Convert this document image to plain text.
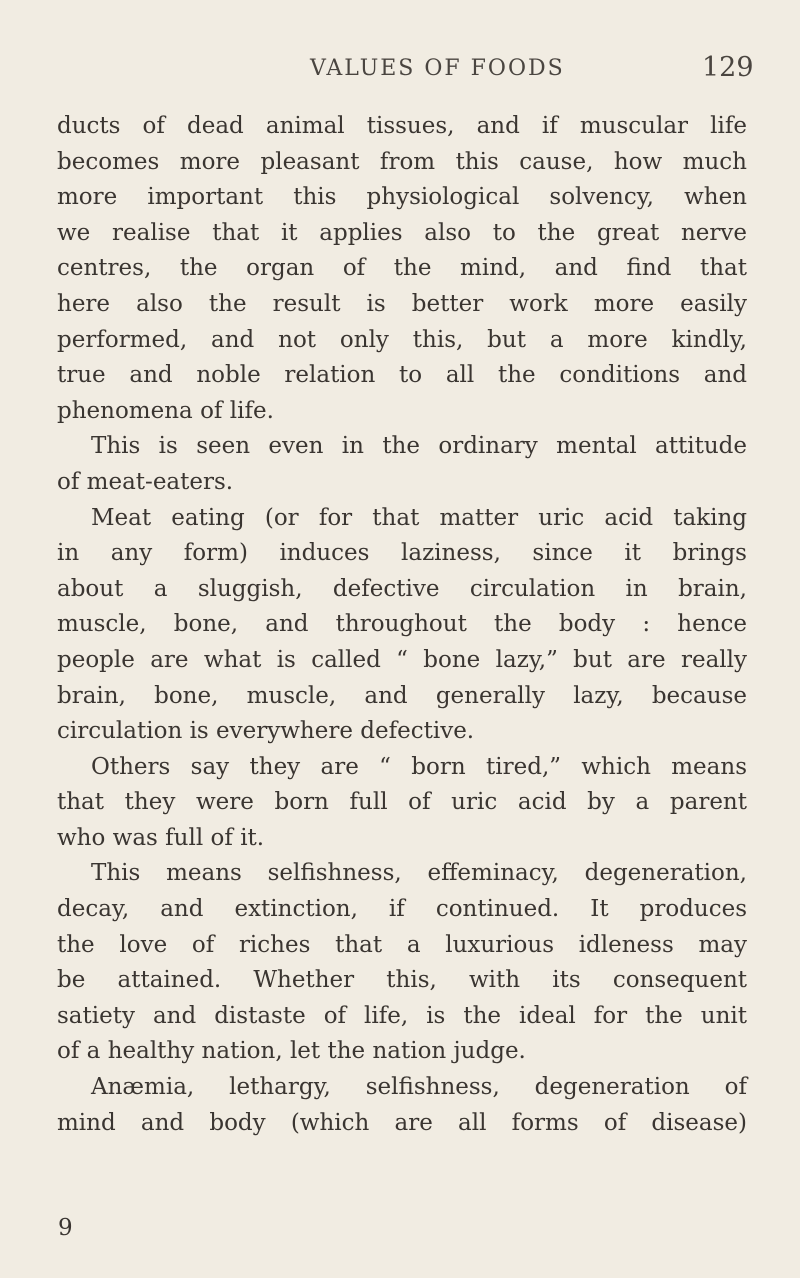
VALUES OF FOODS	129
ducts of dead animal tissues, and if muscular life
becomes more pleasant from this cause, how much
more important this physiological solvency, when
we realise that it applies also to the great nerve
centres, the organ of the mind, and find that
here also the result is better work more easily
performed, and not only this, but a more kindly,
true and noble relation to all the conditions and
phenomena of life.
This is seen even in the ordinary mental attitude
of meat-eaters.
Meat eating (or for that matter uric acid taking
in any form) induces laziness, since it brings
about a sluggish, defective circulation in brain,
muscle, bone, and throughout the body : hence
people are what is called “ bone lazy,” but are really
brain, bone, muscle, and generally lazy, because
circulation is everywhere defective.
Others say they are “ born tired,” which means
that they were born full of uric acid by a parent
who was full of it.
This means selfishness, effeminacy, degeneration,
decay, and extinction, if continued. It produces
the love of riches that a luxurious idleness may
be attained. Whether this, with its consequent
satiety and distaste of life, is the ideal for the unit
of a healthy nation, let the nation judge.
Anæmia, lethargy, selfishness, degeneration of
mind and body (which are all forms of disease)
9
